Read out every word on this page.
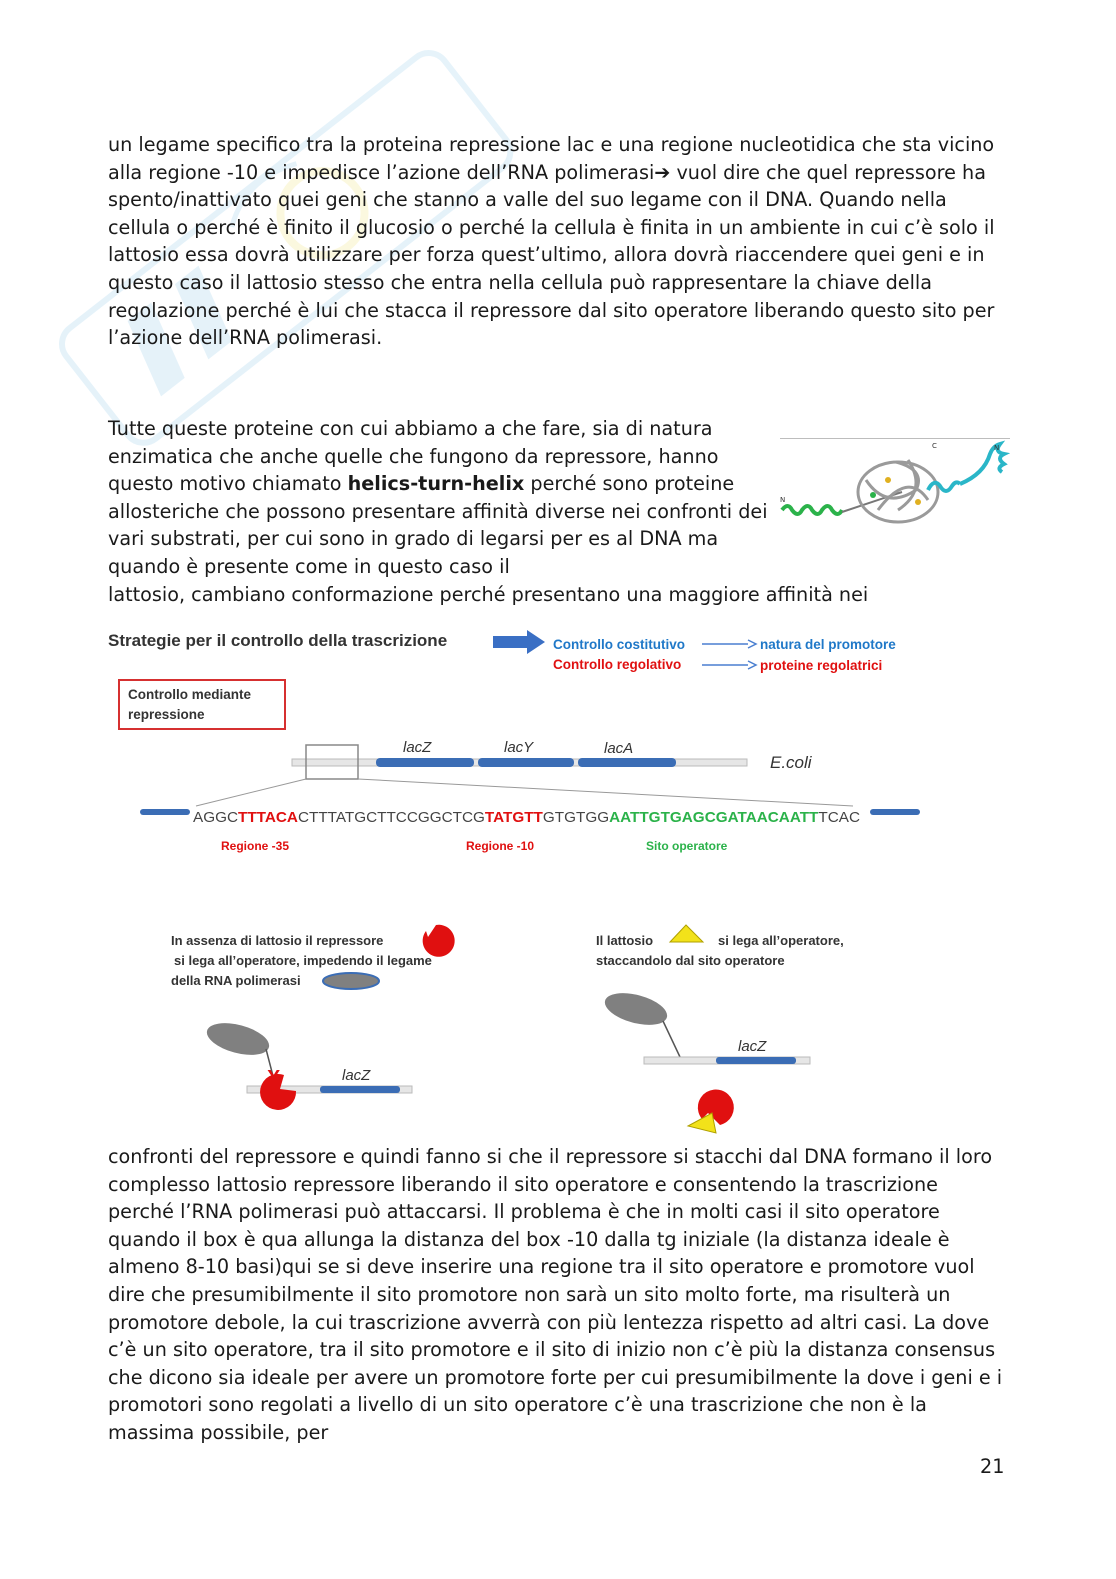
un legame specifico tra la proteina repressione lac e una regione nucleotidica che sta vicino alla regione -10 e impedisce l’azione dell’RNA polimerasi➔ vuol dire che quel repressore ha spento/inattivato quei geni che stanno a valle del suo legame con il DNA. Quando nella cellula o perché è finito il glucosio o perché la cellula è finita in un ambiente in cui c’è solo il lattosio essa dovrà utilizzare per forza quest’ultimo, allora dovrà riaccendere quei geni e in questo caso il lattosio stesso che entra nella cellula può rappresentare la chiave della regolazione perché è lui che stacca il repressore dal sito operatore liberando questo sito per l’azione dell’RNA polimerasi.

Tutte queste proteine con cui abbiamo a che fare, sia di natura enzimatica che anche quelle che fungono da repressore, hanno questo motivo chiamato helics-turn-helix perché sono proteine allosteriche che possono presentare affinità diverse nei confronti dei vari substrati, per cui sono in grado di legarsi per es al DNA ma quando è presente come in questo caso il
lattosio, cambiano conformazione perché presentano una maggiore affinità nei

N
C	N
Strategie per il controllo della trascrizione	Controllo costitutivo	natura del promotore
Controllo regolativo	proteine regolatrici
Controllo mediante
repressione
lacZ	lacY	lacA
E.coli
AGGCTTTACACTTTATGCTTCCGGCTCG TATGTTGTGTGGAATTGTGAGCGATAACAATT TCAC
Regione -35	Regione -10	Sito operatore
In assenza di lattosio il repressore
si lega all’operatore, impedendo il legame
della RNA polimerasi
lacZ
Il lattosio	si lega all’operatore,
staccandolo dal sito operatore
lacZ

confronti del repressore e quindi fanno si che il repressore si stacchi dal DNA formano il loro complesso lattosio repressore liberando il sito operatore e consentendo la trascrizione perché l’RNA polimerasi può attaccarsi. Il problema è che in molti casi il sito operatore quando il box è qua allunga la distanza del box -10 dalla tg iniziale (la distanza ideale è almeno 8-10 basi)qui se si deve inserire una regione tra il sito operatore e promotore vuol dire che presumibilmente il sito promotore non sarà un sito molto forte, ma risulterà un promotore debole, la cui trascrizione avverrà con più lentezza rispetto ad altri casi. La dove c’è un sito operatore, tra il sito promotore e il sito di inizio non c’è più la distanza consensus che dicono sia ideale per avere un promotore forte per cui presumibilmente la dove i geni e i promotori sono regolati a livello di un sito operatore c’è una trascrizione che non è la massima possibile, per

21
